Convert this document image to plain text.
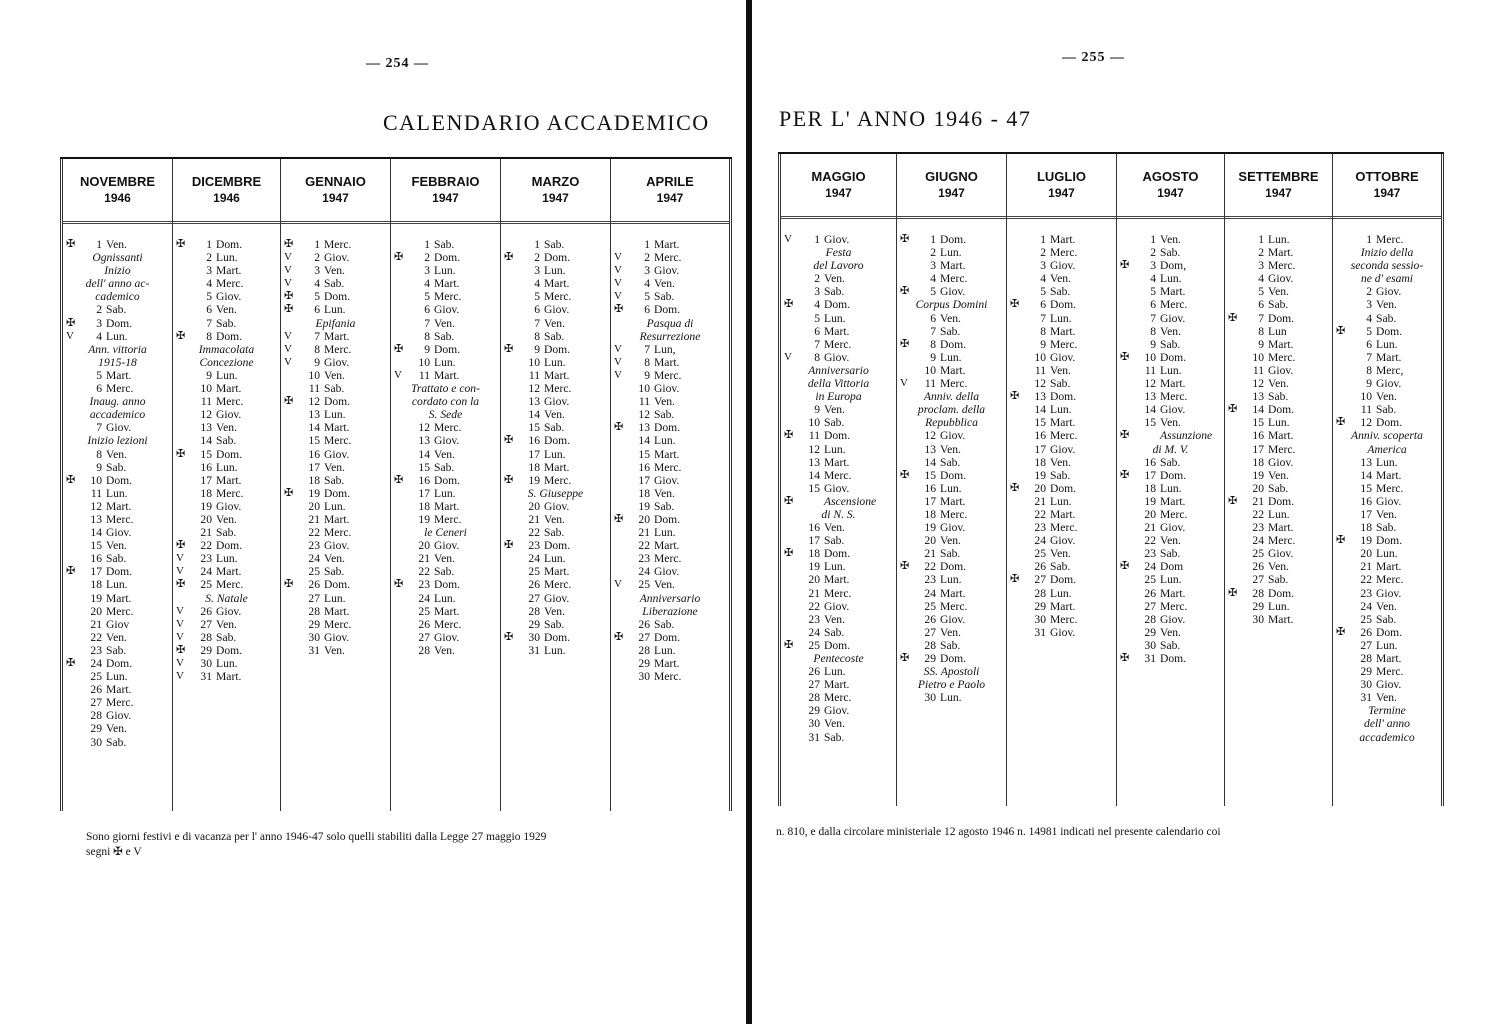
— 254 —
CALENDARIO ACCADEMICO
— 255 —
PER L' ANNO 1946 - 47
NOVEMBRE
1946
✠	1 Ven.
Ognissanti
Inizio
dell' anno ac-
cademico
2 Sab.
✠	3 Dom.
V	4 Lun.
Ann. vittoria
1915-18
5 Mart.
6 Merc.
Inaug. anno
accademico
7 Giov.
Inizio lezioni
8 Ven.
9 Sab.
✠	10 Dom.
11 Lun.
12 Mart.
13 Merc.
14 Giov.
15 Ven.
16 Sab.
✠	17 Dom.
18 Lun.
19 Mart.
20 Merc.
21 Giov
22 Ven.
23 Sab.
✠	24 Dom.
25 Lun.
26 Mart.
27 Merc.
28 Giov.
29 Ven.
30 Sab.
DICEMBRE
1946
✠	1 Dom.
2 Lun.
3 Mart.
4 Merc.
5 Giov.
6 Ven.
7 Sab.
✠	8 Dom.
Immacolata
Concezione
9 Lun.
10 Mart.
11 Merc.
12 Giov.
13 Ven.
14 Sab.
✠	15 Dom.
16 Lun.
17 Mart.
18 Merc.
19 Giov.
20 Ven.
21 Sab.
✠	22 Dom.
V	23 Lun.
V	24 Mart.
✠	25 Merc.
S. Natale
V	26 Giov.
V	27 Ven.
V	28 Sab.
✠	29 Dom.
V	30 Lun.
V	31 Mart.
GENNAIO
1947
✠	1 Merc.
V	2 Giov.
V	3 Ven.
V	4 Sab.
✠	5 Dom.
✠	6 Lun.
Epifania
V	7 Mart.
V	8 Merc.
V	9 Giov.
10 Ven.
11 Sab.
✠	12 Dom.
13 Lun.
14 Mart.
15 Merc.
16 Giov.
17 Ven.
18 Sab.
✠	19 Dom.
20 Lun.
21 Mart.
22 Merc.
23 Giov.
24 Ven.
25 Sab.
✠	26 Dom.
27 Lun.
28 Mart.
29 Merc.
30 Giov.
31 Ven.
FEBBRAIO
1947
1 Sab.
✠	2 Dom.
3 Lun.
4 Mart.
5 Merc.
6 Giov.
7 Ven.
8 Sab.
✠	9 Dom.
10 Lun.
V	11 Mart.
Trattato e con-
cordato con la
S. Sede
12 Merc.
13 Giov.
14 Ven.
15 Sab.
✠	16 Dom.
17 Lun.
18 Mart.
19 Merc.
le Ceneri
20 Giov.
21 Ven.
22 Sab.
✠	23 Dom.
24 Lun.
25 Mart.
26 Merc.
27 Giov.
28 Ven.
MARZO
1947
1 Sab.
✠	2 Dom.
3 Lun.
4 Mart.
5 Merc.
6 Giov.
7 Ven.
8 Sab.
✠	9 Dom.
10 Lun.
11 Mart.
12 Merc.
13 Giov.
14 Ven.
15 Sab.
✠	16 Dom.
17 Lun.
18 Mart.
✠	19 Merc.
S. Giuseppe
20 Giov.
21 Ven.
22 Sab.
✠	23 Dom.
24 Lun.
25 Mart.
26 Merc.
27 Giov.
28 Ven.
29 Sab.
✠	30 Dom.
31 Lun.
APRILE
1947
1 Mart.
V	2 Merc.
V	3 Giov.
V	4 Ven.
V	5 Sab.
✠	6 Dom.
Pasqua di
Resurrezione
V	7 Lun,
V	8 Mart.
V	9 Merc.
10 Giov.
11 Ven.
12 Sab.
✠	13 Dom.
14 Lun.
15 Mart.
16 Merc.
17 Giov.
18 Ven.
19 Sab.
✠	20 Dom.
21 Lun.
22 Mart.
23 Merc.
24 Giov.
V	25 Ven.
Anniversario
Liberazione
26 Sab.
✠	27 Dom.
28 Lun.
29 Mart.
30 Merc.
MAGGIO
1947
V	1 Giov.
Festa
del Lavoro
2 Ven.
3 Sab.
✠	4 Dom.
5 Lun.
6 Mart.
7 Merc.
V	8 Giov.
Anniversario
della Vittoria
in Europa
9 Ven.
10 Sab.
✠	11 Dom.
12 Lun.
13 Mart.
14 Merc.
15 Giov.
✠	Ascensione
di N. S.
16 Ven.
17 Sab.
✠	18 Dom.
19 Lun.
20 Mart.
21 Merc.
22 Giov.
23 Ven.
24 Sab.
✠	25 Dom.
Pentecoste
26 Lun.
27 Mart.
28 Merc.
29 Giov.
30 Ven.
31 Sab.
GIUGNO
1947
✠	1 Dom.
2 Lun.
3 Mart.
4 Merc.
✠	5 Giov.
Corpus Domini
6 Ven.
7 Sab.
✠	8 Dom.
9 Lun.
10 Mart.
V	11 Merc.
Anniv. della
proclam. della
Repubblica
12 Giov.
13 Ven.
14 Sab.
✠	15 Dom.
16 Lun.
17 Mart.
18 Merc.
19 Giov.
20 Ven.
21 Sab.
✠	22 Dom.
23 Lun.
24 Mart.
25 Merc.
26 Giov.
27 Ven.
28 Sab.
✠	29 Dom.
SS. Apostoli
Pietro e Paolo
30 Lun.
LUGLIO
1947
1 Mart.
2 Merc.
3 Giov.
4 Ven.
5 Sab.
✠	6 Dom.
7 Lun.
8 Mart.
9 Merc.
10 Giov.
11 Ven.
12 Sab.
✠	13 Dom.
14 Lun.
15 Mart.
16 Merc.
17 Giov.
18 Ven.
19 Sab.
✠	20 Dom.
21 Lun.
22 Mart.
23 Merc.
24 Giov.
25 Ven.
26 Sab.
✠	27 Dom.
28 Lun.
29 Mart.
30 Merc.
31 Giov.
AGOSTO
1947
1 Ven.
2 Sab.
✠	3 Dom,
4 Lun.
5 Mart.
6 Merc.
7 Giov.
8 Ven.
9 Sab.
✠	10 Dom.
11 Lun.
12 Mart.
13 Merc.
14 Giov.
15 Ven.
✠	Assunzione
di M. V.
16 Sab.
✠	17 Dom.
18 Lun.
19 Mart.
20 Merc.
21 Giov.
22 Ven.
23 Sab.
✠	24 Dom
25 Lun.
26 Mart.
27 Merc.
28 Giov.
29 Ven.
30 Sab.
✠	31 Dom.
SETTEMBRE
1947
1 Lun.
2 Mart.
3 Merc.
4 Giov.
5 Ven.
6 Sab.
✠	7 Dom.
8 Lun
9 Mart.
10 Merc.
11 Giov.
12 Ven.
13 Sab.
✠	14 Dom.
15 Lun.
16 Mart.
17 Merc.
18 Giov.
19 Ven.
20 Sab.
✠	21 Dom.
22 Lun.
23 Mart.
24 Merc.
25 Giov.
26 Ven.
27 Sab.
✠	28 Dom.
29 Lun.
30 Mart.
OTTOBRE
1947
1 Merc.
Inizio della
seconda sessio-
ne d' esami
2 Giov.
3 Ven.
4 Sab.
✠	5 Dom.
6 Lun.
7 Mart.
8 Merc,
9 Giov.
10 Ven.
11 Sab.
✠	12 Dom.
Anniv. scoperta
America
13 Lun.
14 Mart.
15 Merc.
16 Giov.
17 Ven.
18 Sab.
✠	19 Dom.
20 Lun.
21 Mart.
22 Merc.
23 Giov.
24 Ven.
25 Sab.
✠	26 Dom.
27 Lun.
28 Mart.
29 Merc.
30 Giov.
31 Ven.
Termine
dell' anno
accademico
Sono giorni festivi e di vacanza per l' anno 1946-47 solo quelli stabiliti dalla Legge 27 maggio 1929
segni ✠ e V
n. 810, e dalla circolare ministeriale 12 agosto 1946 n. 14981 indicati nel presente calendario coi
